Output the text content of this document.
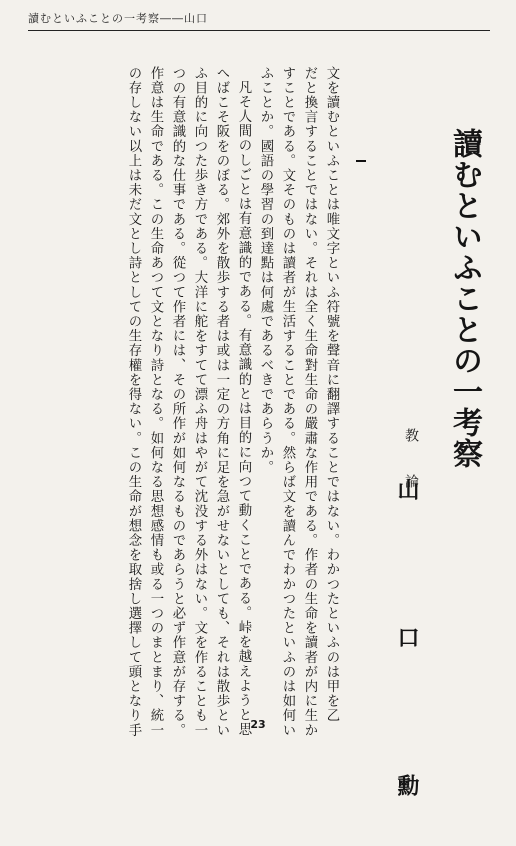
讀むといふことの一考察――山口
讀むといふことの一考察
教 論
山 口 勳
文を讀むといふことは唯文字といふ符號を聲音に翻譯することではない。わかつたといふのは甲を乙
だと換言することではない。それは全く生命對生命の嚴肅な作用である。作者の生命を讀者が内に生か
すことである。文そのものは讀者が生活することである。然らば文を讀んでわかつたといふのは如何い
ふことか。國語の學習の到達點は何處であるべきであらうか。
凡そ人間のしごとは有意識的である。有意識的とは目的に向つて動くことである。峠を越えようと思
へばこそ阪をのぼる。郊外を散歩する者は或は一定の方角に足を急がせないとしても、それは散歩とい
ふ目的に向つた歩き方である。大洋に舵をすてて漂ふ舟はやがて沈没する外はない。文を作ることも一
つの有意識的な仕事である。從つて作者には、その所作が如何なるものであらうと必ず作意が存する。
作意は生命である。この生命あつて文となり詩となる。如何なる思想感情も或る一つのまとまり、統一
の存しない以上は未だ文とし詩としての生存權を得ない。この生命が想念を取捨し選擇して頭となり手	23
